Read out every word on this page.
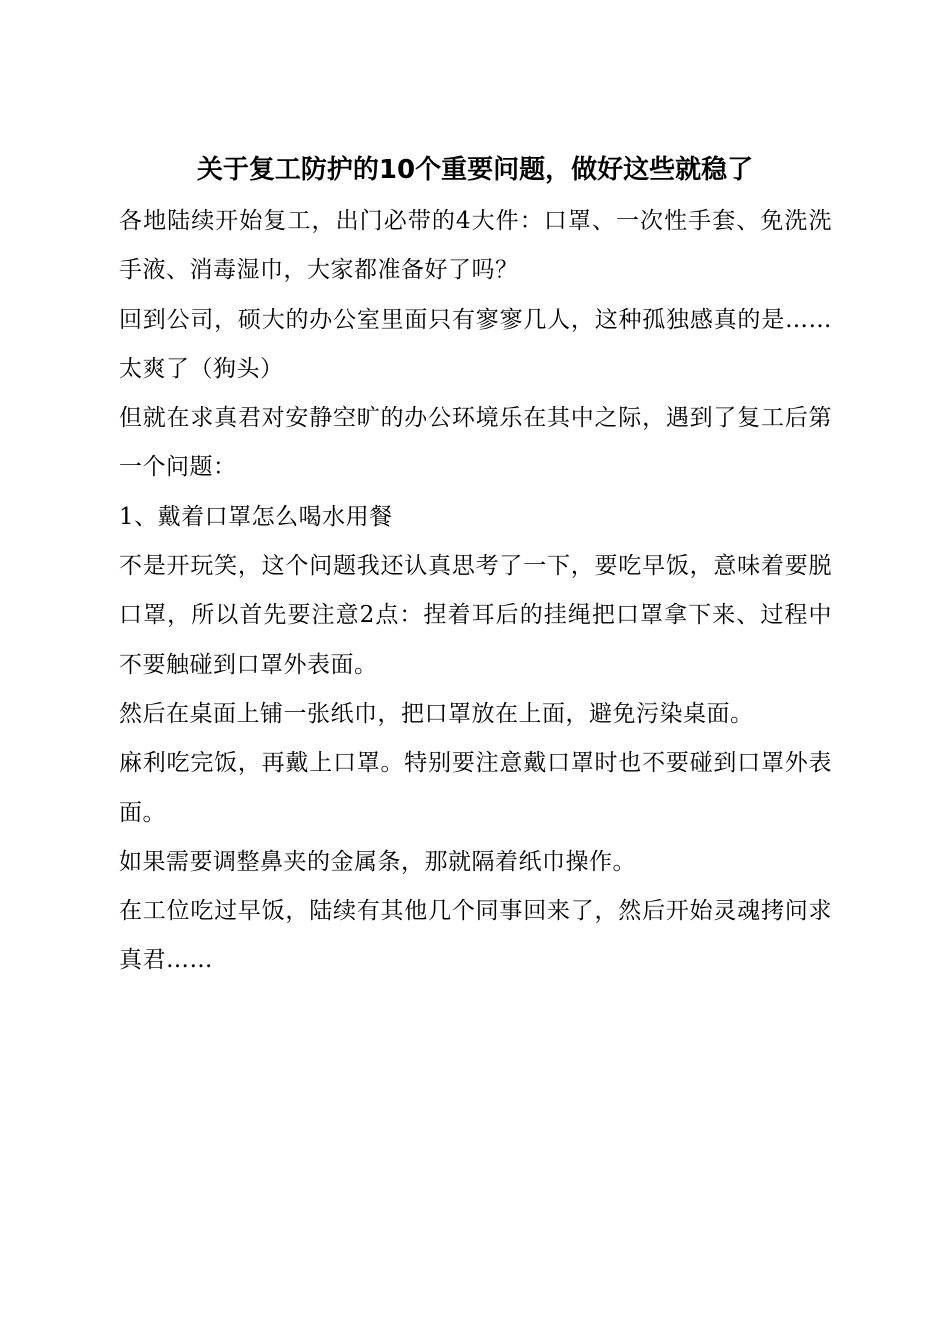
关于复工防护的10个重要问题，做好这些就稳了

各地陆续开始复工，出门必带的4大件：口罩、一次性手套、免洗洗手液、消毒湿巾，大家都准备好了吗？

回到公司，硕大的办公室里面只有寥寥几人，这种孤独感真的是……太爽了（狗头）

但就在求真君对安静空旷的办公环境乐在其中之际，遇到了复工后第一个问题：

1、戴着口罩怎么喝水用餐

不是开玩笑，这个问题我还认真思考了一下，要吃早饭，意味着要脱口罩，所以首先要注意2点：捏着耳后的挂绳把口罩拿下来、过程中不要触碰到口罩外表面。

然后在桌面上铺一张纸巾，把口罩放在上面，避免污染桌面。

麻利吃完饭，再戴上口罩。特别要注意戴口罩时也不要碰到口罩外表面。

如果需要调整鼻夹的金属条，那就隔着纸巾操作。

在工位吃过早饭，陆续有其他几个同事回来了，然后开始灵魂拷问求真君……
